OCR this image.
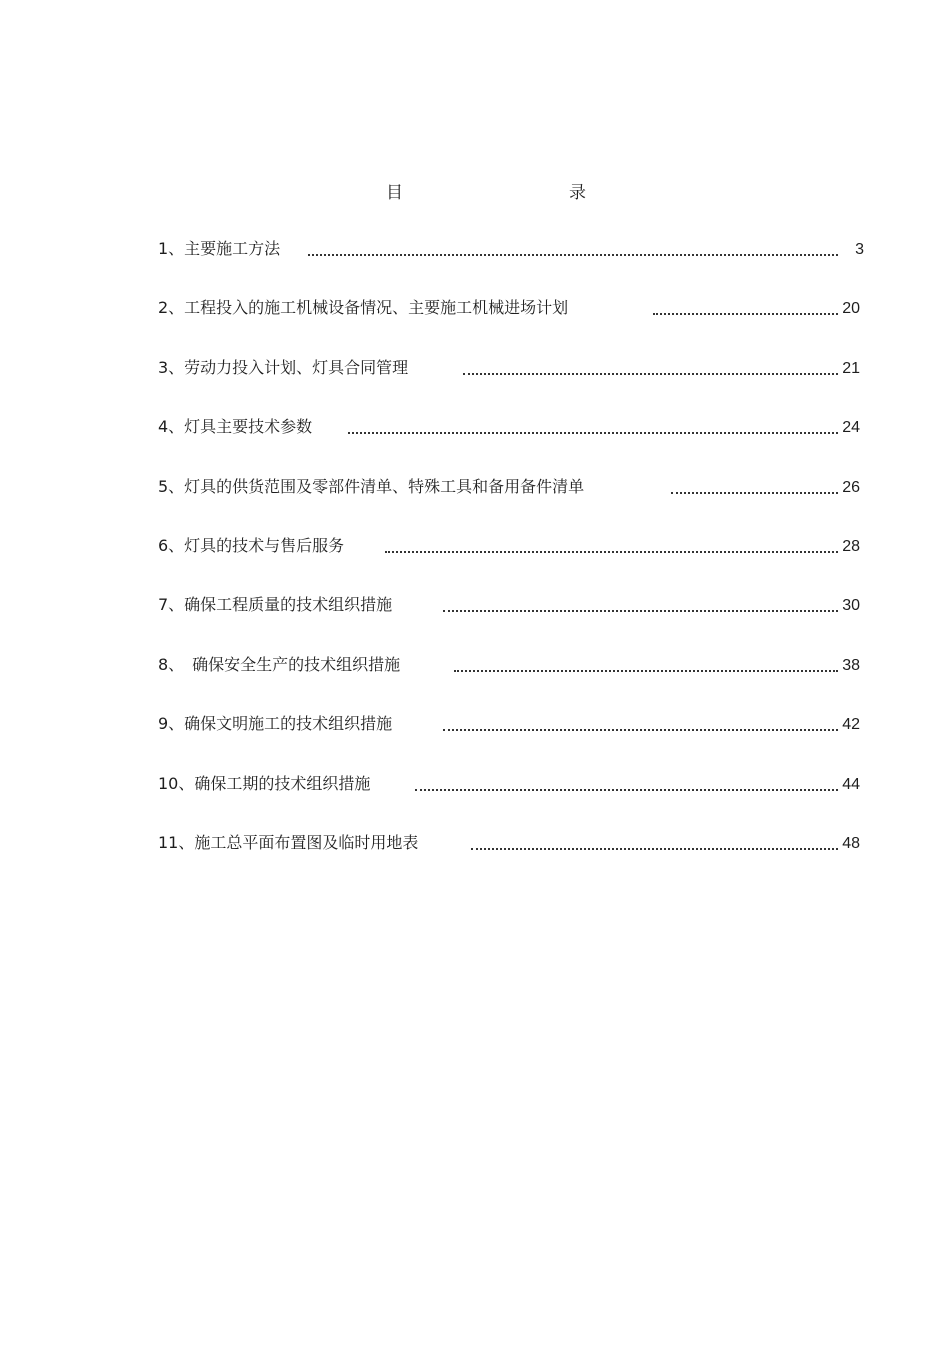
目　　录
1、主要施工方法	3
2、工程投入的施工机械设备情况、主要施工机械进场计划	20
3、劳动力投入计划、灯具合同管理	21
4、灯具主要技术参数	24
5、灯具的供货范围及零部件清单、特殊工具和备用备件清单	26
6、灯具的技术与售后服务	28
7、确保工程质量的技术组织措施	30
8、　确保安全生产的技术组织措施	38
9、确保文明施工的技术组织措施	42
10、确保工期的技术组织措施	44
11、施工总平面布置图及临时用地表	48
